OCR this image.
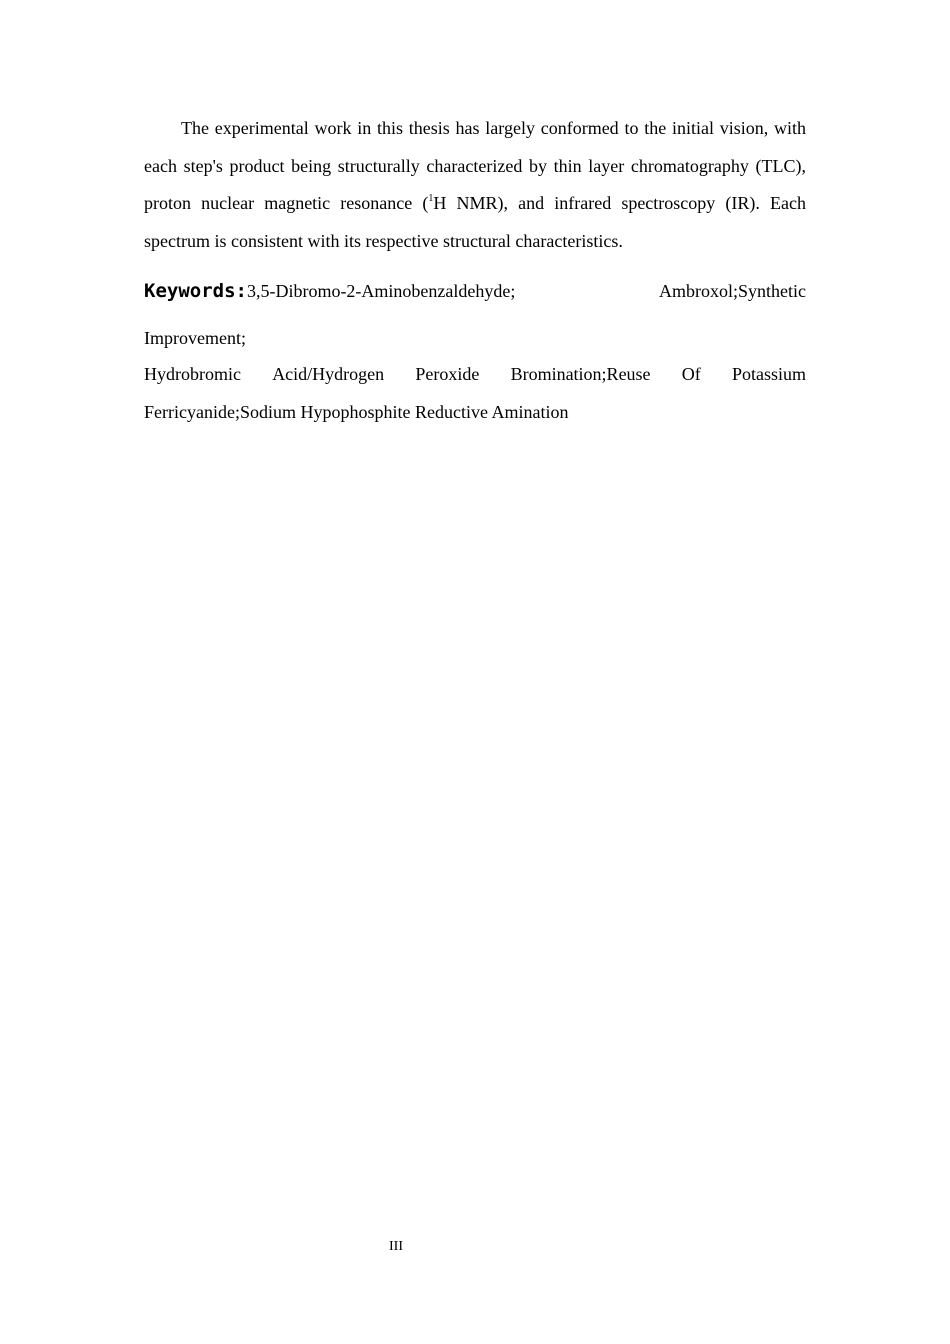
The experimental work in this thesis has largely conformed to the initial vision, with each step's product being structurally characterized by thin layer chromatography (TLC), proton nuclear magnetic resonance ($^1$H NMR), and infrared spectroscopy (IR). Each spectrum is consistent with its respective structural characteristics.

Keywords:3,5-Dibromo-2-Aminobenzaldehyde;	Ambroxol;Synthetic
Improvement;
Hydrobromic Acid/Hydrogen Peroxide Bromination;Reuse Of Potassium
Ferricyanide;Sodium Hypophosphite Reductive Amination
III
